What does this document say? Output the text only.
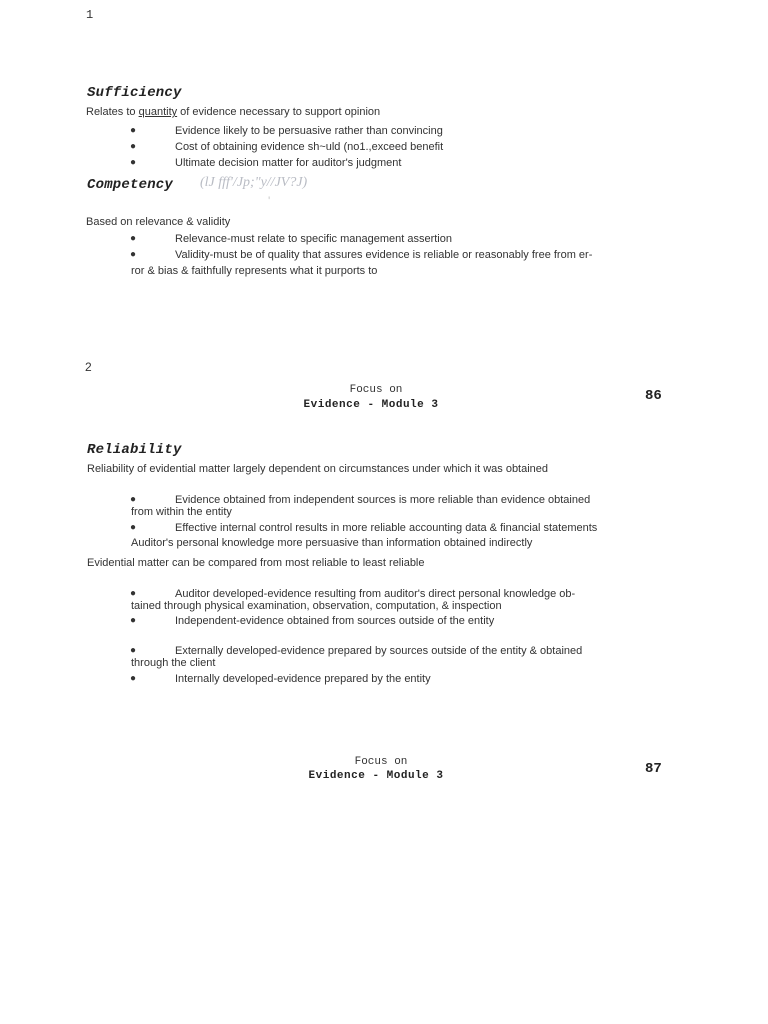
1
Sufficiency
Relates to quantity of evidence necessary to support opinion
●	Evidence likely to be persuasive rather than convincing
●	Cost of obtaining evidence sh~uld (no1.,exceed benefit
●	Ultimate decision matter for auditor's judgment
Competency (lJ fff'/Jp;"y//JV?J)
'
Based on relevance & validity
●	Relevance-must relate to specific management assertion
●	Validity-must be of quality that assures evidence is reliable or reasonably free from er-
ror & bias & faithfully represents what it purports to
2
Focus on
Evidence - Module 3
86
Reliability
Reliability of evidential matter largely dependent on circumstances under which it was obtained
●	Evidence obtained from independent sources is more reliable than evidence obtained
from within the entity
●	Effective internal control results in more reliable accounting data & financial statements
Auditor's personal knowledge more persuasive than information obtained indirectly
Evidential matter can be compared from most reliable to least reliable
●	Auditor developed-evidence resulting from auditor's direct personal knowledge ob-
tained through physical examination, observation, computation, & inspection
●	Independent-evidence obtained from sources outside of the entity
●	Externally developed-evidence prepared by sources outside of the entity & obtained
through the client
●	Internally developed-evidence prepared by the entity
Focus on
Evidence - Module 3	87
